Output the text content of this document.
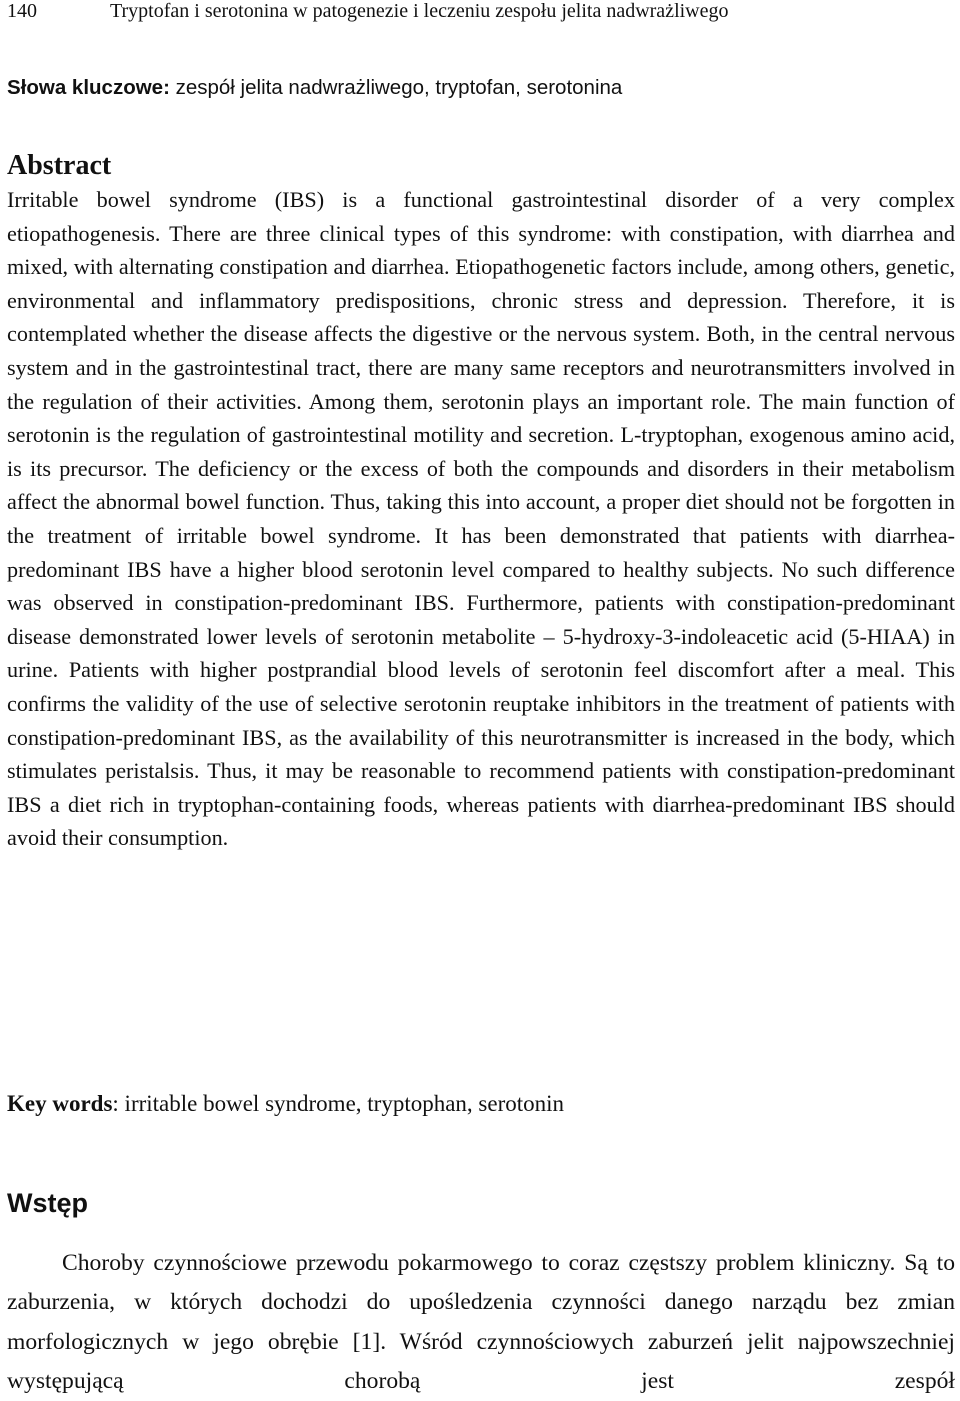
140	Tryptofan i serotonina w patogenezie i leczeniu zespołu jelita nadwrażliwego
Słowa kluczowe: zespół jelita nadwrażliwego, tryptofan, serotonina
Abstract

Irritable bowel syndrome (IBS) is a functional gastrointestinal disorder of a very complex etiopathogenesis. There are three clinical types of this syndrome: with constipation, with diarrhea and mixed, with alternating constipation and diarrhea. Etiopathogenetic factors include, among others, genetic, environmental and inflammatory predispositions, chronic stress and depression. Therefore, it is contemplated whether the disease affects the digestive or the nervous system. Both, in the central nervous system and in the gastrointestinal tract, there are many same receptors and neurotransmitters involved in the regulation of their activities. Among them, serotonin plays an important role. The main function of serotonin is the regulation of gastrointestinal motility and secretion. L-tryptophan, exogenous amino acid, is its precursor. The deficiency or the excess of both the compounds and disorders in their metabolism affect the abnormal bowel function. Thus, taking this into account, a proper diet should not be forgotten in the treatment of irritable bowel syndrome. It has been demonstrated that patients with diarrhea-predominant IBS have a higher blood serotonin level compared to healthy subjects. No such difference was observed in constipation-predominant IBS. Furthermore, patients with constipation-predominant disease demonstrated lower levels of serotonin metabolite – 5-hydroxy-3-indoleacetic acid (5-HIAA) in urine. Patients with higher postprandial blood levels of serotonin feel discomfort after a meal. This confirms the validity of the use of selective serotonin reuptake inhibitors in the treatment of patients with constipation-predominant IBS, as the availability of this neurotransmitter is increased in the body, which stimulates peristalsis. Thus, it may be reasonable to recommend patients with constipation-predominant IBS a diet rich in tryptophan-containing foods, whereas patients with diarrhea-predominant IBS should avoid their consumption.

Key words: irritable bowel syndrome, tryptophan, serotonin
Wstęp

Choroby czynnościowe przewodu pokarmowego to coraz częstszy problem kliniczny. Są to zaburzenia, w których dochodzi do upośledzenia czynności danego narządu bez zmian morfologicznych w jego obrębie [1]. Wśród czynnościowych zaburzeń jelit najpowszechniej występującą chorobą jest zespół
